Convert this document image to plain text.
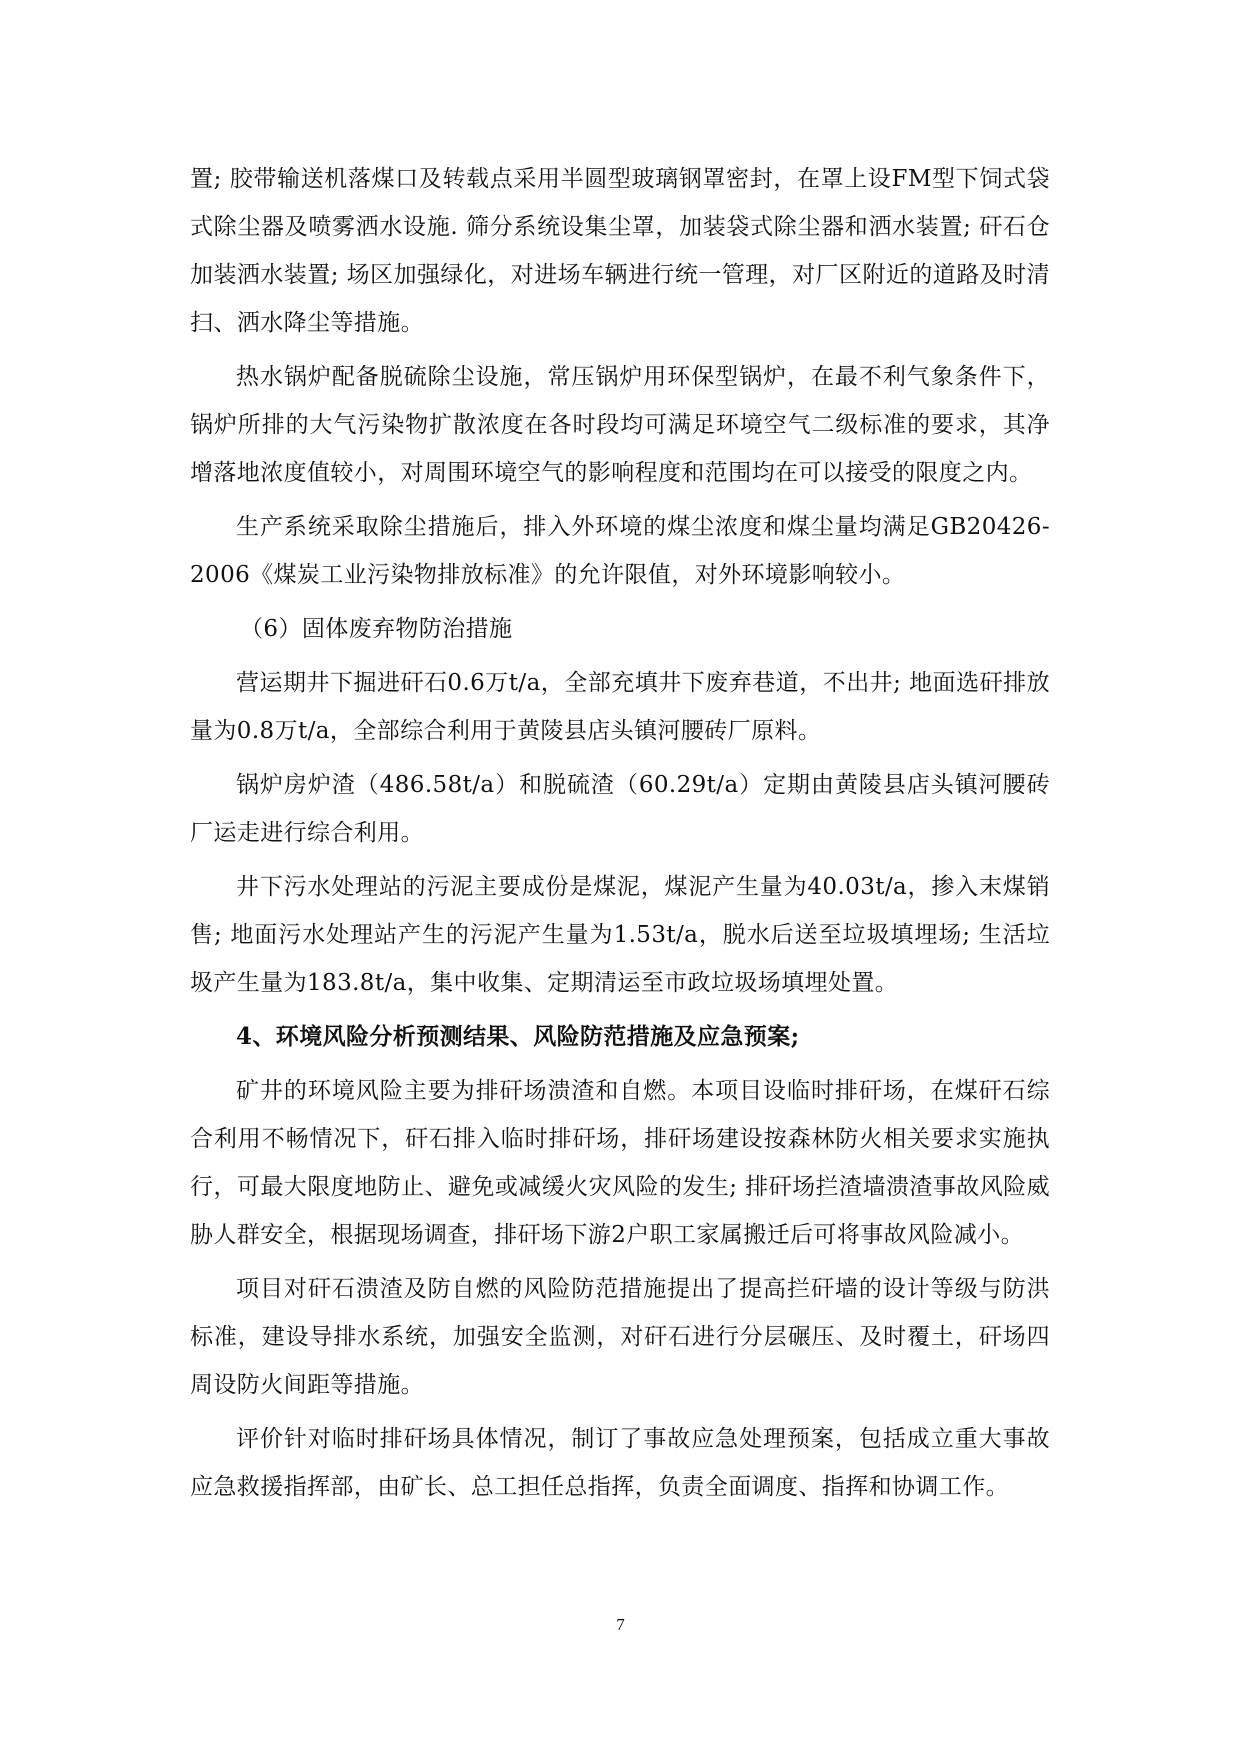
置; 胶带输送机落煤口及转载点采用半圆型玻璃钢罩密封，在罩上设FM型下饲式袋式除尘器及喷雾洒水设施. 筛分系统设集尘罩，加装袋式除尘器和洒水装置; 矸石仓加装洒水装置; 场区加强绿化，对进场车辆进行统一管理，对厂区附近的道路及时清扫、洒水降尘等措施。

热水锅炉配备脱硫除尘设施，常压锅炉用环保型锅炉，在最不利气象条件下，锅炉所排的大气污染物扩散浓度在各时段均可满足环境空气二级标准的要求，其净增落地浓度值较小，对周围环境空气的影响程度和范围均在可以接受的限度之内。

生产系统采取除尘措施后，排入外环境的煤尘浓度和煤尘量均满足GB20426-2006《煤炭工业污染物排放标准》的允许限值，对外环境影响较小。

（6）固体废弃物防治措施

营运期井下掘进矸石0.6万t/a，全部充填井下废弃巷道，不出井; 地面选矸排放量为0.8万t/a，全部综合利用于黄陵县店头镇河腰砖厂原料。

锅炉房炉渣（486.58t/a）和脱硫渣（60.29t/a）定期由黄陵县店头镇河腰砖厂运走进行综合利用。

井下污水处理站的污泥主要成份是煤泥，煤泥产生量为40.03t/a，掺入末煤销售; 地面污水处理站产生的污泥产生量为1.53t/a，脱水后送至垃圾填埋场; 生活垃圾产生量为183.8t/a，集中收集、定期清运至市政垃圾场填埋处置。

4、环境风险分析预测结果、风险防范措施及应急预案;

矿井的环境风险主要为排矸场溃渣和自燃。本项目设临时排矸场，在煤矸石综合利用不畅情况下，矸石排入临时排矸场，排矸场建设按森林防火相关要求实施执行，可最大限度地防止、避免或减缓火灾风险的发生; 排矸场拦渣墙溃渣事故风险威胁人群安全，根据现场调查，排矸场下游2户职工家属搬迁后可将事故风险减小。

项目对矸石溃渣及防自燃的风险防范措施提出了提高拦矸墙的设计等级与防洪标准，建设导排水系统，加强安全监测，对矸石进行分层碾压、及时覆土，矸场四周设防火间距等措施。

评价针对临时排矸场具体情况，制订了事故应急处理预案，包括成立重大事故应急救援指挥部，由矿长、总工担任总指挥，负责全面调度、指挥和协调工作。

7
